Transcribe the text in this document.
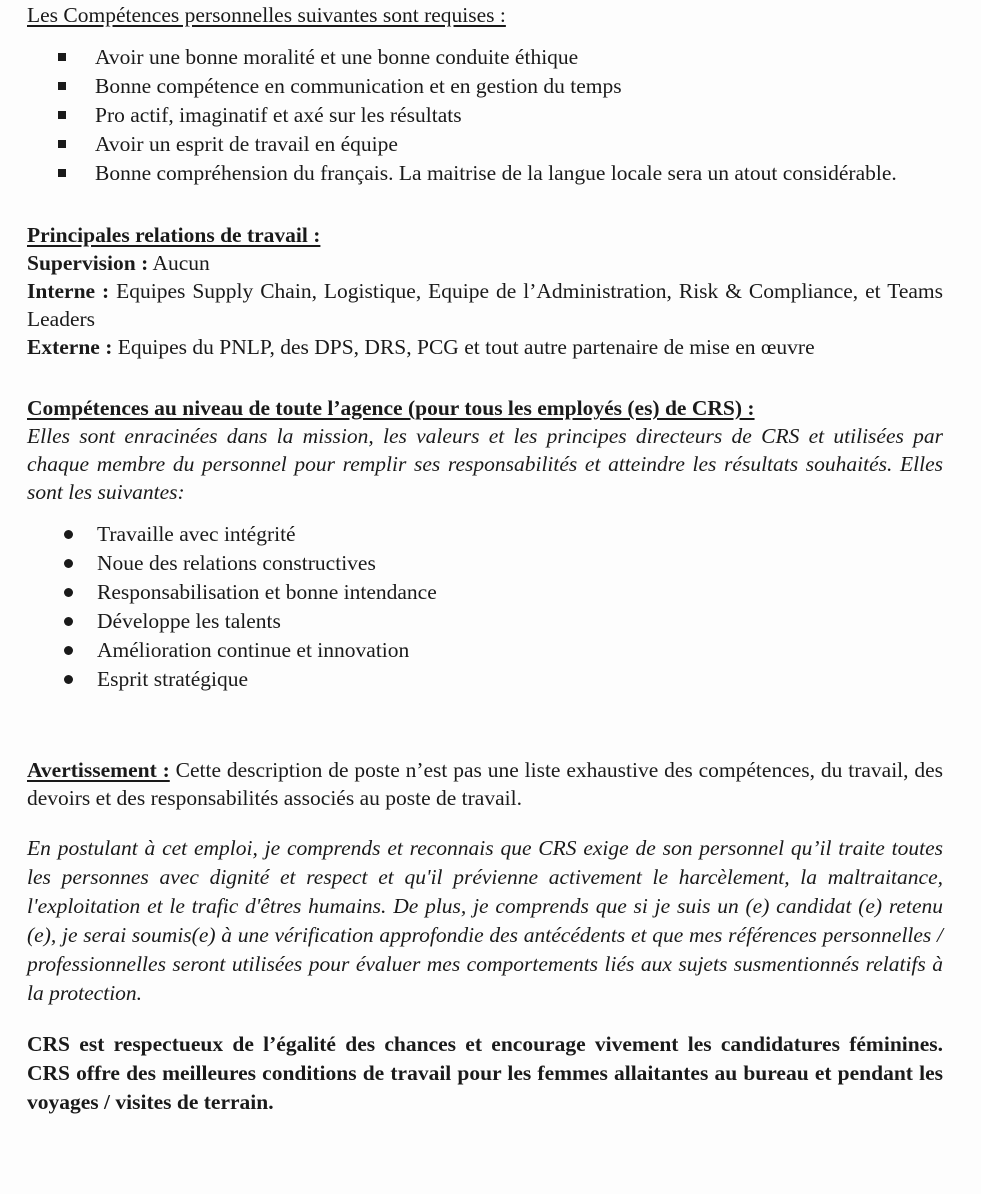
Les Compétences personnelles suivantes sont requises :
Avoir une bonne moralité et une bonne conduite éthique
Bonne compétence en communication et en gestion du temps
Pro actif, imaginatif et axé sur les résultats
Avoir un esprit de travail en équipe
Bonne compréhension du français. La maitrise de la langue locale sera un atout considérable.
Principales relations de travail :

Supervision : Aucun

Interne : Equipes Supply Chain, Logistique, Equipe de l’Administration, Risk & Compliance, et Teams Leaders

Externe : Equipes du PNLP, des DPS, DRS, PCG et tout autre partenaire de mise en œuvre

Compétences au niveau de toute l’agence (pour tous les employés (es) de CRS) :

Elles sont enracinées dans la mission, les valeurs et les principes directeurs de CRS et utilisées par chaque membre du personnel pour remplir ses responsabilités et atteindre les résultats souhaités. Elles sont les suivantes:

Travaille avec intégrité
Noue des relations constructives
Responsabilisation et bonne intendance
Développe les talents
Amélioration continue et innovation
Esprit stratégique

Avertissement : Cette description de poste n’est pas une liste exhaustive des compétences, du travail, des devoirs et des responsabilités associés au poste de travail.

En postulant à cet emploi, je comprends et reconnais que CRS exige de son personnel qu’il traite toutes les personnes avec dignité et respect et qu'il prévienne activement le harcèlement, la maltraitance, l'exploitation et le trafic d'êtres humains. De plus, je comprends que si je suis un (e) candidat (e) retenu (e), je serai soumis(e) à une vérification approfondie des antécédents et que mes références personnelles / professionnelles seront utilisées pour évaluer mes comportements liés aux sujets susmentionnés relatifs à la protection.

CRS est respectueux de l’égalité des chances et encourage vivement les candidatures féminines. CRS offre des meilleures conditions de travail pour les femmes allaitantes au bureau et pendant les voyages / visites de terrain.
